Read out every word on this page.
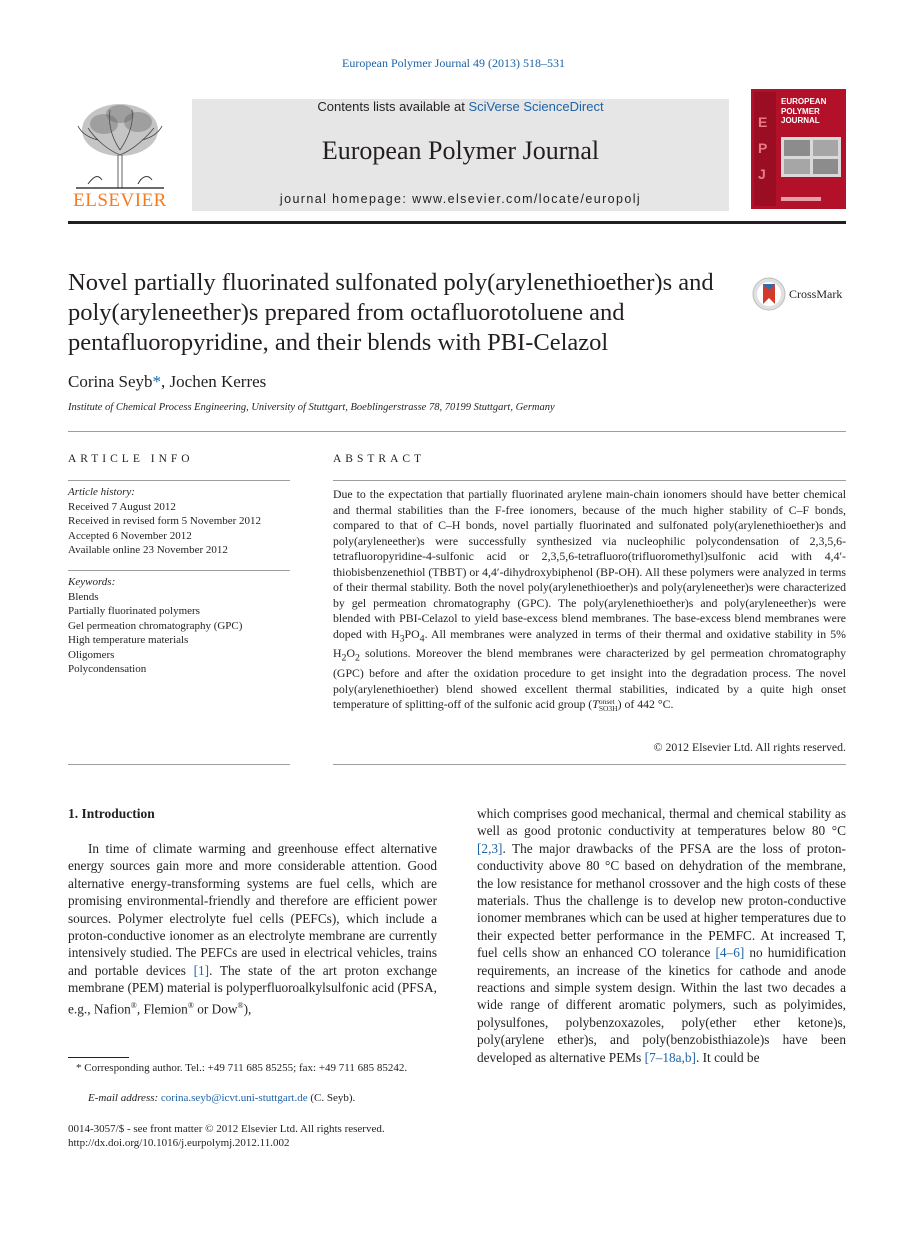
European Polymer Journal 49 (2013) 518–531
ELSEVIER
Contents lists available at SciVerse ScienceDirect
European Polymer Journal
journal homepage: www.elsevier.com/locate/europolj
EUROPEAN
POLYMER
JOURNAL
E
P
J
Novel partially fluorinated sulfonated poly(arylenethioether)s and poly(aryleneether)s prepared from octafluorotoluene and pentafluoropyridine, and their blends with PBI-Celazol
CrossMark
Corina Seyb*, Jochen Kerres
Institute of Chemical Process Engineering, University of Stuttgart, Boeblingerstrasse 78, 70199 Stuttgart, Germany
ARTICLE INFO
Article history:
Received 7 August 2012
Received in revised form 5 November 2012
Accepted 6 November 2012
Available online 23 November 2012
Keywords:
Blends
Partially fluorinated polymers
Gel permeation chromatography (GPC)
High temperature materials
Oligomers
Polycondensation
ABSTRACT
Due to the expectation that partially fluorinated arylene main-chain ionomers should have better chemical and thermal stabilities than the F-free ionomers, because of the much higher stability of C–F bonds, compared to that of C–H bonds, novel partially fluorinated and sulfonated poly(arylenethioether)s and poly(aryleneether)s were successfully synthesized via nucleophilic polycondensation of 2,3,5,6-tetrafluoropyridine-4-sulfonic acid or 2,3,5,6-tetrafluoro(trifluoromethyl)sulfonic acid with 4,4′-thiobisbenzenethiol (TBBT) or 4,4′-dihydroxybiphenol (BP-OH). All these polymers were analyzed in terms of their thermal stability. Both the novel poly(arylenethioether)s and poly(aryleneether)s were characterized by gel permeation chromatography (GPC). The poly(arylenethioether)s and poly(aryleneether)s were blended with PBI-Celazol to yield base-excess blend membranes. The base-excess blend membranes were doped with $H_3PO_4$. All membranes were analyzed in terms of their thermal and oxidative stability in 5% $H_2O_2$ solutions. Moreover the blend membranes were characterized by gel permeation chromatography (GPC) before and after the oxidation procedure to get insight into the degradation process. The novel poly(arylenethioether) blend showed excellent thermal stabilities, indicated by a quite high onset temperature of splitting-off of the sulfonic acid group (T onset
SO3H ) of 442 °C.
© 2012 Elsevier Ltd. All rights reserved.
1. Introduction
In time of climate warming and greenhouse effect alternative energy sources gain more and more considerable attention. Good alternative energy-transforming systems are fuel cells, which are promising environmental-friendly and therefore are efficient power sources. Polymer electrolyte fuel cells (PEFCs), which include a proton-conductive ionomer as an electrolyte membrane are currently intensively studied. The PEFCs are used in electrical vehicles, trains and portable devices [1]. The state of the art proton exchange membrane (PEM) material is polyperfluoroalkylsulfonic acid (PFSA, e.g., Nafion®, Flemion® or Dow®),
which comprises good mechanical, thermal and chemical stability as well as good protonic conductivity at temperatures below 80 °C [2,3]. The major drawbacks of the PFSA are the loss of proton-conductivity above 80 °C based on dehydration of the membrane, the low resistance for methanol crossover and the high costs of these materials. Thus the challenge is to develop new proton-conductive ionomer membranes which can be used at higher temperatures due to their expected better performance in the PEMFC. At increased T, fuel cells show an enhanced CO tolerance [4–6] no humidification requirements, an increase of the kinetics for cathode and anode reactions and simple system design. Within the last two decades a wide range of different aromatic polymers, such as polyimides, polysulfones, polybenzoxazoles, poly(ether ether ketone)s, poly(arylene ether)s, and poly(benzobisthiazole)s have been developed as alternative PEMs [7–18a,b]. It could be
* Corresponding author. Tel.: +49 711 685 85255; fax: +49 711 685 85242.
E-mail address: corina.seyb@icvt.uni-stuttgart.de (C. Seyb).
0014-3057/$ - see front matter © 2012 Elsevier Ltd. All rights reserved.
http://dx.doi.org/10.1016/j.eurpolymj.2012.11.002
